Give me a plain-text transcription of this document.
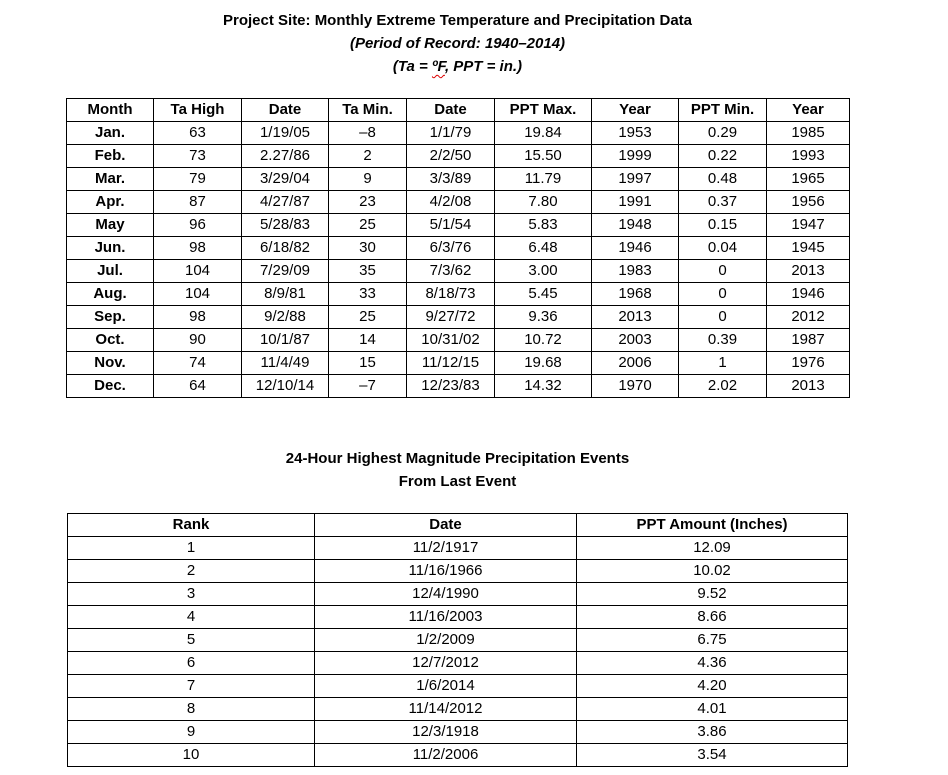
Project Site: Monthly Extreme Temperature and Precipitation Data
(Period of Record: 1940–2014)
(Ta = ºF, PPT = in.)
Month	Ta High	Date	Ta Min.	Date	PPT Max.	Year	PPT Min.	Year
Jan.	63	1/19/05	–8	1/1/79	19.84	1953	0.29	1985
Feb.	73	2.27/86	2	2/2/50	15.50	1999	0.22	1993
Mar.	79	3/29/04	9	3/3/89	11.79	1997	0.48	1965
Apr.	87	4/27/87	23	4/2/08	7.80	1991	0.37	1956
May	96	5/28/83	25	5/1/54	5.83	1948	0.15	1947
Jun.	98	6/18/82	30	6/3/76	6.48	1946	0.04	1945
Jul.	104	7/29/09	35	7/3/62	3.00	1983	0	2013
Aug.	104	8/9/81	33	8/18/73	5.45	1968	0	1946
Sep.	98	9/2/88	25	9/27/72	9.36	2013	0	2012
Oct.	90	10/1/87	14	10/31/02	10.72	2003	0.39	1987
Nov.	74	11/4/49	15	11/12/15	19.68	2006	1	1976
Dec.	64	12/10/14	–7	12/23/83	14.32	1970	2.02	2013
24-Hour Highest Magnitude Precipitation Events
From Last Event
Rank	Date	PPT Amount (Inches)
1	11/2/1917	12.09
2	11/16/1966	10.02
3	12/4/1990	9.52
4	11/16/2003	8.66
5	1/2/2009	6.75
6	12/7/2012	4.36
7	1/6/2014	4.20
8	11/14/2012	4.01
9	12/3/1918	3.86
10	11/2/2006	3.54
